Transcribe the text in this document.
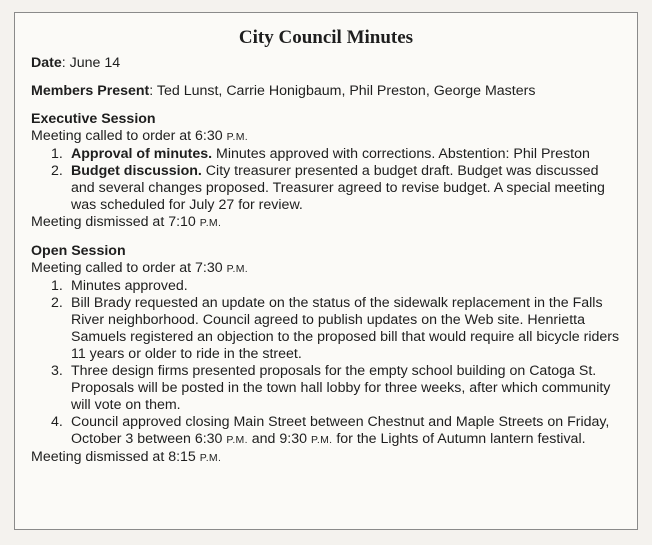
City Council Minutes
Date: June 14
Members Present: Ted Lunst, Carrie Honigbaum, Phil Preston, George Masters
Executive Session
Meeting called to order at 6:30 P.M.
1. Approval of minutes. Minutes approved with corrections. Abstention: Phil Preston
2. Budget discussion. City treasurer presented a budget draft. Budget was discussed and several changes proposed. Treasurer agreed to revise budget. A special meeting was scheduled for July 27 for review.
Meeting dismissed at 7:10 P.M.
Open Session
Meeting called to order at 7:30 P.M.
1. Minutes approved.
2. Bill Brady requested an update on the status of the sidewalk replacement in the Falls River neighborhood. Council agreed to publish updates on the Web site. Henrietta Samuels registered an objection to the proposed bill that would require all bicycle riders 11 years or older to ride in the street.
3. Three design firms presented proposals for the empty school building on Catoga St. Proposals will be posted in the town hall lobby for three weeks, after which community will vote on them.
4. Council approved closing Main Street between Chestnut and Maple Streets on Friday, October 3 between 6:30 P.M. and 9:30 P.M. for the Lights of Autumn lantern festival.
Meeting dismissed at 8:15 P.M.
